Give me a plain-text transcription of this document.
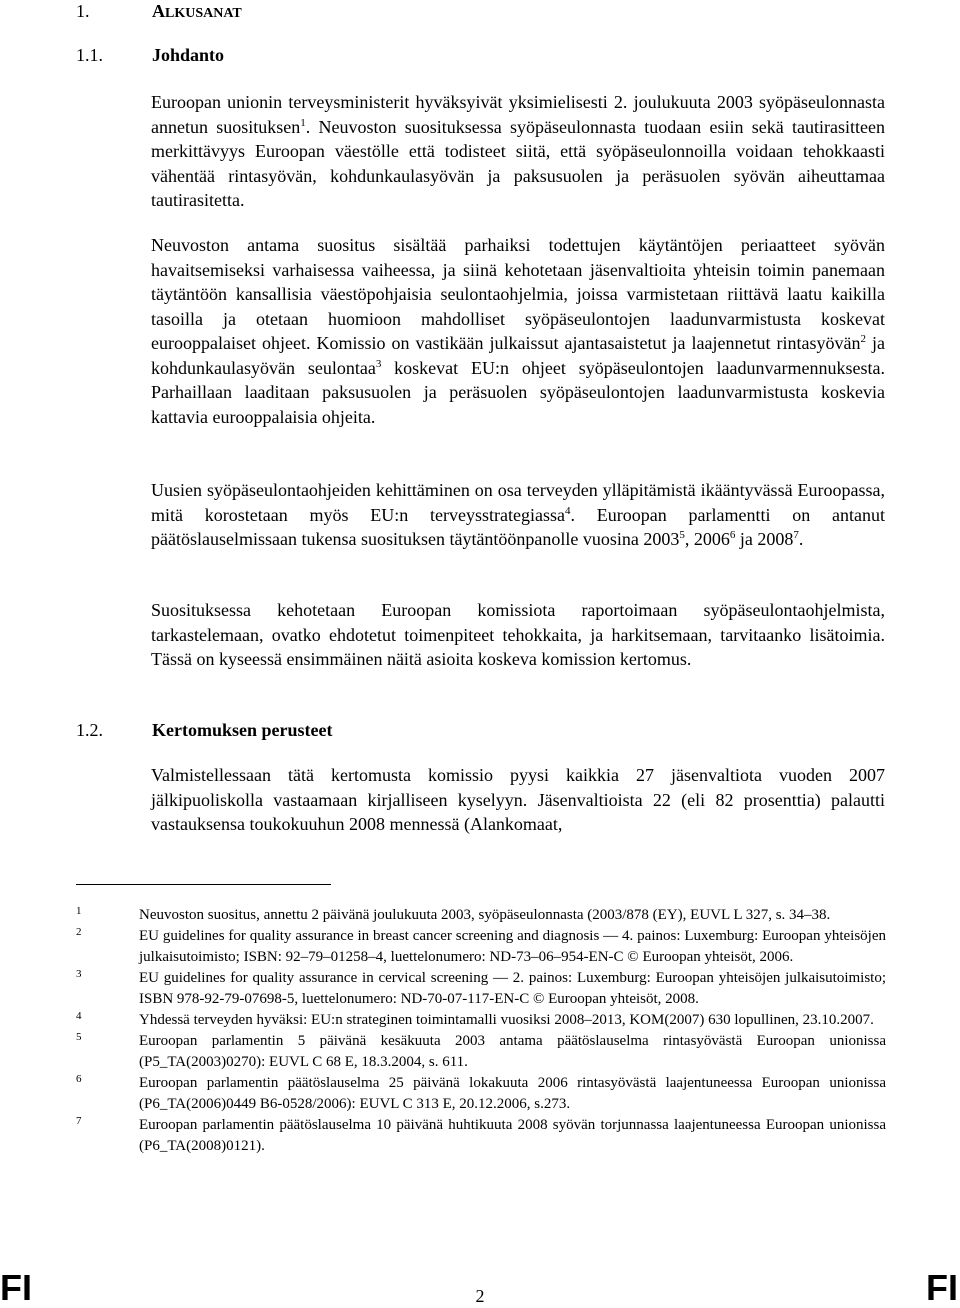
1.	ALKUSANAT
1.1.	Johdanto
Euroopan unionin terveysministerit hyväksyivät yksimielisesti 2. joulukuuta 2003 syöpäseulonnasta annetun suosituksen$^1$. Neuvoston suosituksessa syöpäseulonnasta tuodaan esiin sekä tautirasitteen merkittävyys Euroopan väestölle että todisteet siitä, että syöpäseulonnoilla voidaan tehokkaasti vähentää rintasyövän, kohdunkaulasyövän ja paksusuolen ja peräsuolen syövän aiheuttamaa tautirasitetta.
Neuvoston antama suositus sisältää parhaiksi todettujen käytäntöjen periaatteet syövän havaitsemiseksi varhaisessa vaiheessa, ja siinä kehotetaan jäsenvaltioita yhteisin toimin panemaan täytäntöön kansallisia väestöpohjaisia seulontaohjelmia, joissa varmistetaan riittävä laatu kaikilla tasoilla ja otetaan huomioon mahdolliset syöpäseulontojen laadunvarmistusta koskevat eurooppalaiset ohjeet. Komissio on vastikään julkaissut ajantasaistetut ja laajennetut rintasyövän$^2$ ja kohdunkaulasyövän seulontaa$^3$ koskevat EU:n ohjeet syöpäseulontojen laadunvarmennuksesta. Parhaillaan laaditaan paksusuolen ja peräsuolen syöpäseulontojen laadunvarmistusta koskevia kattavia eurooppalaisia ohjeita.
Uusien syöpäseulontaohjeiden kehittäminen on osa terveyden ylläpitämistä ikääntyvässä Euroopassa, mitä korostetaan myös EU:n terveysstrategiassa$^4$. Euroopan parlamentti on antanut päätöslauselmissaan tukensa suosituksen täytäntöönpanolle vuosina 2003$^5$, 2006$^6$ ja 2008$^7$.
Suosituksessa kehotetaan Euroopan komissiota raportoimaan syöpäseulontaohjelmista, tarkastelemaan, ovatko ehdotetut toimenpiteet tehokkaita, ja harkitsemaan, tarvitaanko lisätoimia. Tässä on kyseessä ensimmäinen näitä asioita koskeva komission kertomus.
1.2.	Kertomuksen perusteet
Valmistellessaan tätä kertomusta komissio pyysi kaikkia 27 jäsenvaltiota vuoden 2007 jälkipuoliskolla vastaamaan kirjalliseen kyselyyn. Jäsenvaltioista 22 (eli 82 prosenttia) palautti vastauksensa toukokuuhun 2008 mennessä (Alankomaat,
1	Neuvoston suositus, annettu 2 päivänä joulukuuta 2003, syöpäseulonnasta (2003/878 (EY), EUVL L 327, s. 34–38.
2	EU guidelines for quality assurance in breast cancer screening and diagnosis — 4. painos: Luxemburg: Euroopan yhteisöjen julkaisutoimisto; ISBN: 92–79–01258–4, luettelonumero: ND-73–06–954-EN-C © Euroopan yhteisöt, 2006.
3	EU guidelines for quality assurance in cervical screening — 2. painos: Luxemburg: Euroopan yhteisöjen julkaisutoimisto; ISBN 978-92-79-07698-5, luettelonumero: ND-70-07-117-EN-C © Euroopan yhteisöt, 2008.
4	Yhdessä terveyden hyväksi: EU:n strateginen toimintamalli vuosiksi 2008–2013, KOM(2007) 630 lopullinen, 23.10.2007.
5	Euroopan parlamentin 5 päivänä kesäkuuta 2003 antama päätöslauselma rintasyövästä Euroopan unionissa (P5_TA(2003)0270): EUVL C 68 E, 18.3.2004, s. 611.
6	Euroopan parlamentin päätöslauselma 25 päivänä lokakuuta 2006 rintasyövästä laajentuneessa Euroopan unionissa (P6_TA(2006)0449 B6-0528/2006): EUVL C 313 E, 20.12.2006, s.273.
7	Euroopan parlamentin päätöslauselma 10 päivänä huhtikuuta 2008 syövän torjunnassa laajentuneessa Euroopan unionissa (P6_TA(2008)0121).
FI	2	FI
